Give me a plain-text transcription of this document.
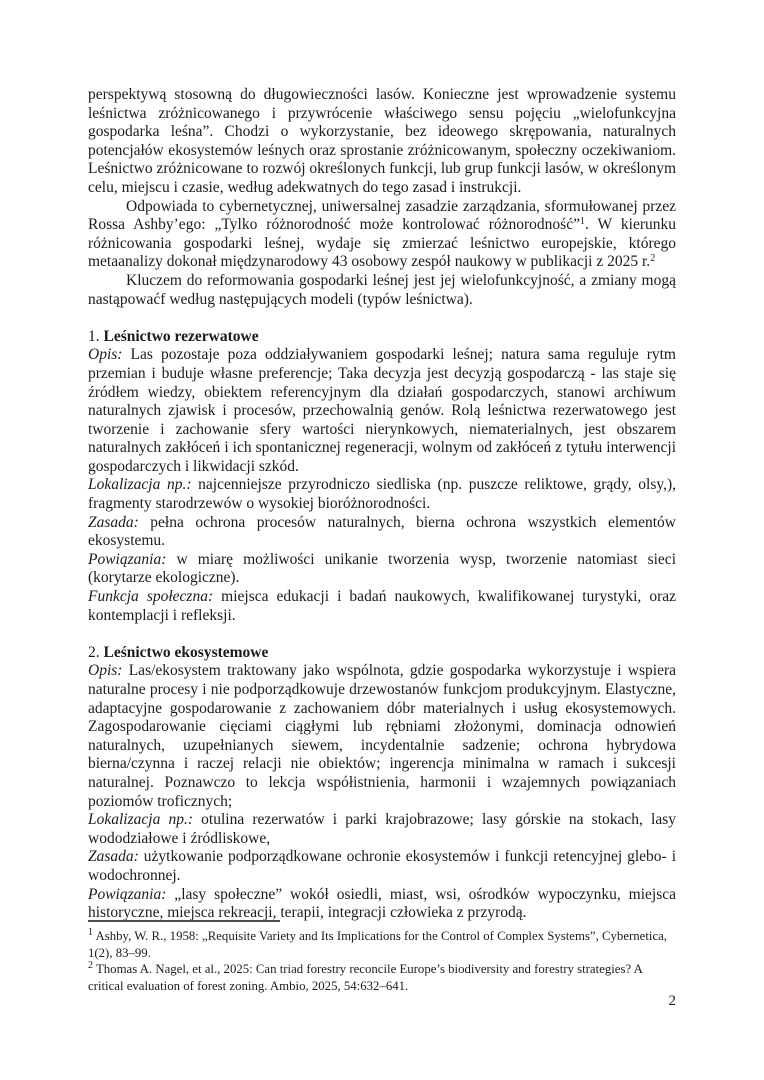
perspektywą stosowną do długowieczności lasów. Konieczne jest wprowadzenie systemu leśnictwa zróżnicowanego i przywrócenie właściwego sensu pojęciu „wielofunkcyjna gospodarka leśna”. Chodzi o wykorzystanie, bez ideowego skrępowania, naturalnych potencjałów ekosystemów leśnych oraz sprostanie zróżnicowanym, społeczny oczekiwaniom. Leśnictwo zróżnicowane to rozwój określonych funkcji, lub grup funkcji lasów, w określonym celu, miejscu i czasie, według adekwatnych do tego zasad i instrukcji.

Odpowiada to cybernetycznej, uniwersalnej zasadzie zarządzania, sformułowanej przez Rossa Ashby’ego: „Tylko różnorodność może kontrolować różnorodność”$^1$. W kierunku różnicowania gospodarki leśnej, wydaje się zmierzać leśnictwo europejskie, którego metaanalizy dokonał międzynarodowy 43 osobowy zespół naukowy w publikacji z 2025 r.$^2$

Kluczem do reformowania gospodarki leśnej jest jej wielofunkcyjność, a zmiany mogą nastąpowaćf według następujących modeli (typów leśnictwa).

1. Leśnictwo rezerwatowe

Opis: Las pozostaje poza oddziaływaniem gospodarki leśnej; natura sama reguluje rytm przemian i buduje własne preferencje; Taka decyzja jest decyzją gospodarczą - las staje się źródłem wiedzy, obiektem referencyjnym dla działań gospodarczych, stanowi archiwum naturalnych zjawisk i procesów, przechowalnią genów. Rolą leśnictwa rezerwatowego jest tworzenie i zachowanie sfery wartości nierynkowych, niematerialnych, jest obszarem naturalnych zakłóceń i ich spontanicznej regeneracji, wolnym od zakłóceń z tytułu interwencji gospodarczych i likwidacji szkód.

Lokalizacja np.: najcenniejsze przyrodniczo siedliska (np. puszcze reliktowe, grądy, olsy,), fragmenty starodrzewów o wysokiej bioróżnorodności.

Zasada: pełna ochrona procesów naturalnych, bierna ochrona wszystkich elementów ekosystemu.

Powiązania: w miarę możliwości unikanie tworzenia wysp, tworzenie natomiast sieci (korytarze ekologiczne).

Funkcja społeczna: miejsca edukacji i badań naukowych, kwalifikowanej turystyki, oraz kontemplacji i refleksji.

2. Leśnictwo ekosystemowe

Opis: Las/ekosystem traktowany jako wspólnota, gdzie gospodarka wykorzystuje i wspiera naturalne procesy i nie podporządkowuje drzewostanów funkcjom produkcyjnym. Elastyczne, adaptacyjne gospodarowanie z zachowaniem dóbr materialnych i usług ekosystemowych. Zagospodarowanie cięciami ciągłymi lub rębniami złożonymi, dominacja odnowień naturalnych, uzupełnianych siewem, incydentalnie sadzenie; ochrona hybrydowa bierna/czynna i raczej relacji nie obiektów; ingerencja minimalna w ramach i sukcesji naturalnej. Poznawczo to lekcja współistnienia, harmonii i wzajemnych powiązaniach poziomów troficznych;

Lokalizacja np.: otulina rezerwatów i parki krajobrazowe; lasy górskie na stokach, lasy wododziałowe i źródliskowe,

Zasada: użytkowanie podporządkowane ochronie ekosystemów i funkcji retencyjnej glebo- i wodochronnej.

Powiązania: „lasy społeczne” wokół osiedli, miast, wsi, ośrodków wypoczynku, miejsca historyczne, miejsca rekreacji, terapii, integracji człowieka z przyrodą.

$^1$ Ashby, W. R., 1958: „Requisite Variety and Its Implications for the Control of Complex Systems”, Cybernetica, 1(2), 83–99.

$^2$ Thomas A. Nagel, et al., 2025: Can triad forestry reconcile Europe’s biodiversity and forestry strategies? A critical evaluation of forest zoning. Ambio, 2025, 54:632–641.

2
